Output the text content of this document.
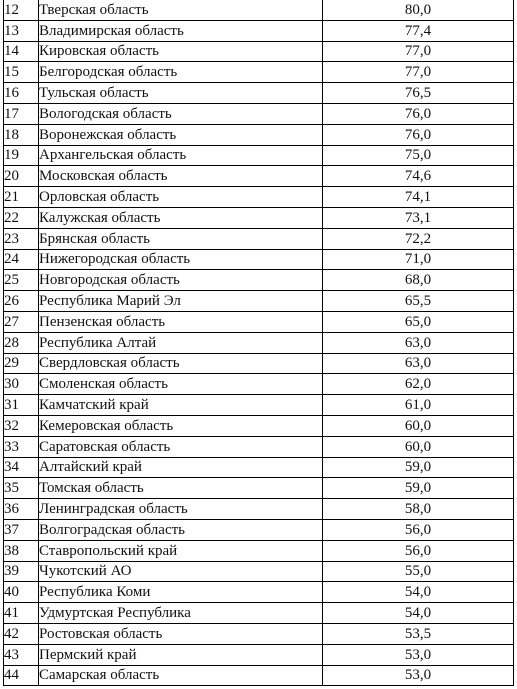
12	Тверская область	80,0
13	Владимирская область	77,4
14	Кировская область	77,0
15	Белгородская область	77,0
16	Тульская область	76,5
17	Вологодская область	76,0
18	Воронежская область	76,0
19	Архангельская область	75,0
20	Московская область	74,6
21	Орловская область	74,1
22	Калужская область	73,1
23	Брянская область	72,2
24	Нижегородская область	71,0
25	Новгородская область	68,0
26	Республика Марий Эл	65,5
27	Пензенская область	65,0
28	Республика Алтай	63,0
29	Свердловская область	63,0
30	Смоленская область	62,0
31	Камчатский край	61,0
32	Кемеровская область	60,0
33	Саратовская область	60,0
34	Алтайский край	59,0
35	Томская область	59,0
36	Ленинградская область	58,0
37	Волгоградская область	56,0
38	Ставропольский край	56,0
39	Чукотский АО	55,0
40	Республика Коми	54,0
41	Удмуртская Республика	54,0
42	Ростовская область	53,5
43	Пермский край	53,0
44	Самарская область	53,0
